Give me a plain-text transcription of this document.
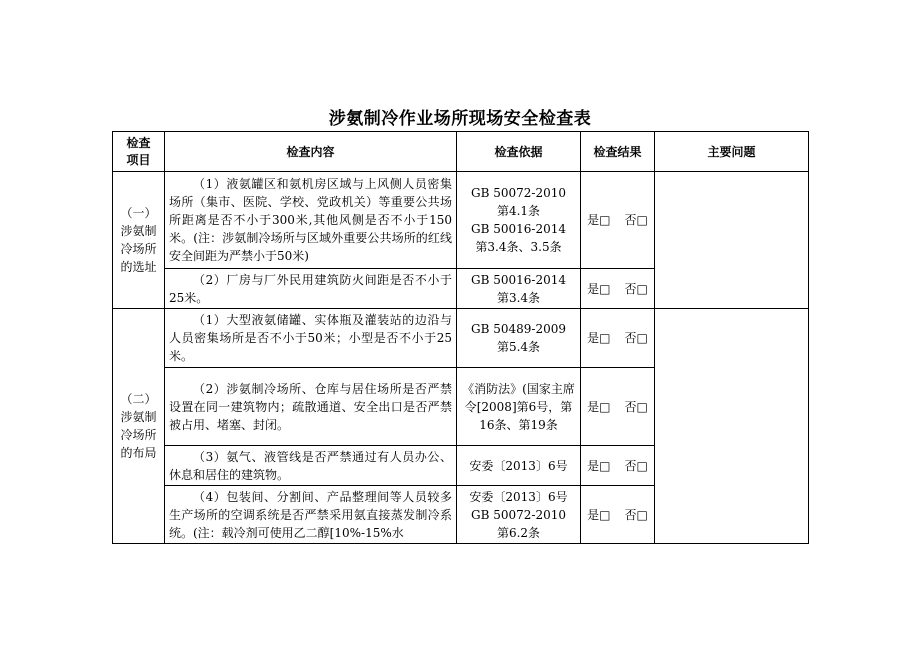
涉氨制冷作业场所现场安全检查表
检查
项目	检查内容	检查依据	检查结果	主要问题
（一）
涉氨制
冷场所
的选址	（1）液氨罐区和氨机房区域与上风侧人员密集场所（集市、医院、学校、党政机关）等重要公共场所距离是否不小于300米,其他风侧是否不小于150米。(注：涉氨制冷场所与区域外重要公共场所的红线安全间距为严禁小于50米)	GB 50072-2010
第4.1条
GB 50016-2014
第3.4条、3.5条	是□ 否□	

	（2）厂房与厂外民用建筑防火间距是否不小于25米。	GB 50016-2014
第3.4条	是□ 否□	
（二）
涉氨制
冷场所
的布局	（1）大型液氨储罐、实体瓶及灌装站的边沿与人员密集场所是否不小于50米；小型是否不小于25米。	GB 50489-2009
第5.4条	是□ 否□	

	（2）涉氨制冷场所、仓库与居住场所是否严禁设置在同一建筑物内；疏散通道、安全出口是否严禁被占用、堵塞、封闭。	《消防法》(国家主席令[2008]第6号，第16条、第19条	是□ 否□	

	（3）氨气、液管线是否严禁通过有人员办公、休息和居住的建筑物。	安委〔2013〕6号	是□ 否□	

	（4）包装间、分割间、产品整理间等人员较多生产场所的空调系统是否严禁采用氨直接蒸发制冷系统。(注：载冷剂可使用乙二醇[10%-15%水	安委〔2013〕6号
GB 50072-2010
第6.2条	是□ 否□	
